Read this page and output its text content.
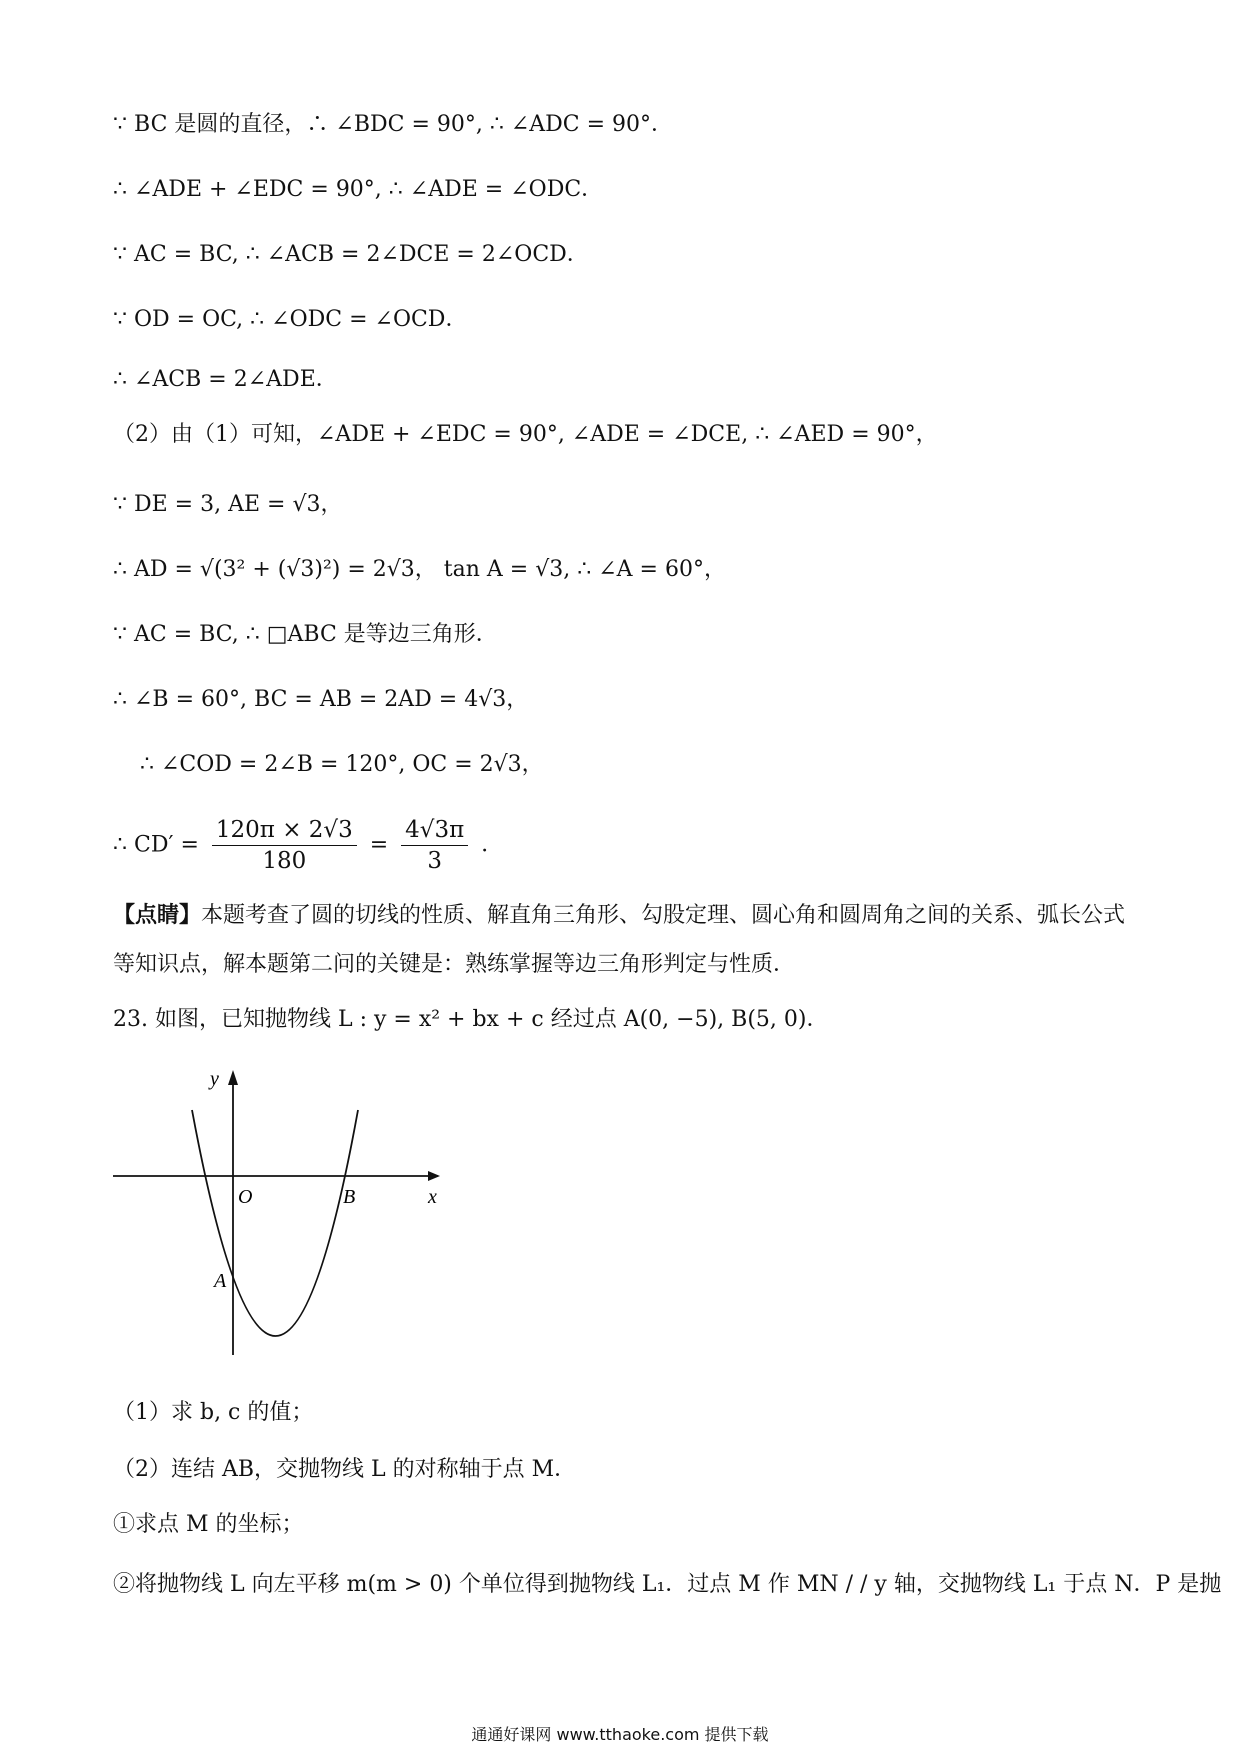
∵ BC 是圆的直径，∴ ∠BDC = 90°, ∴ ∠ADC = 90°．
∴ ∠ADE + ∠EDC = 90°, ∴ ∠ADE = ∠ODC．
∵ AC = BC, ∴ ∠ACB = 2∠DCE = 2∠OCD．
∵ OD = OC, ∴ ∠ODC = ∠OCD．
∴ ∠ACB = 2∠ADE．
（2）由（1）可知，∠ADE + ∠EDC = 90°, ∠ADE = ∠DCE, ∴ ∠AED = 90°，
∵ DE = 3, AE = √3，
∴ AD = √(3² + (√3)²) = 2√3， tan A = √3, ∴ ∠A = 60°，
∵ AC = BC, ∴ □ABC 是等边三角形．
∴ ∠B = 60°, BC = AB = 2AD = 4√3，
∴ ∠COD = 2∠B = 120°, OC = 2√3，
∴ $CD' = \frac{120\pi \times 2√3}{180} = \frac{4√3\pi}{3}$ ．
【点睛】本题考查了圆的切线的性质、解直角三角形、勾股定理、圆心角和圆周角之间的关系、弧长公式
等知识点，解本题第二问的关键是：熟练掌握等边三角形判定与性质．
23. 如图，已知抛物线 L : y = x² + bx + c 经过点 A(0, −5), B(5, 0)．
y
x
O	B
A
（1）求 b, c 的值；
（2）连结 AB，交抛物线 L 的对称轴于点 M．
①求点 M 的坐标；
②将抛物线 L 向左平移 m(m > 0) 个单位得到抛物线 L₁．过点 M 作 MN / / y 轴，交抛物线 L₁ 于点 N．P 是抛
通通好课网 www.tthaoke.com 提供下载
